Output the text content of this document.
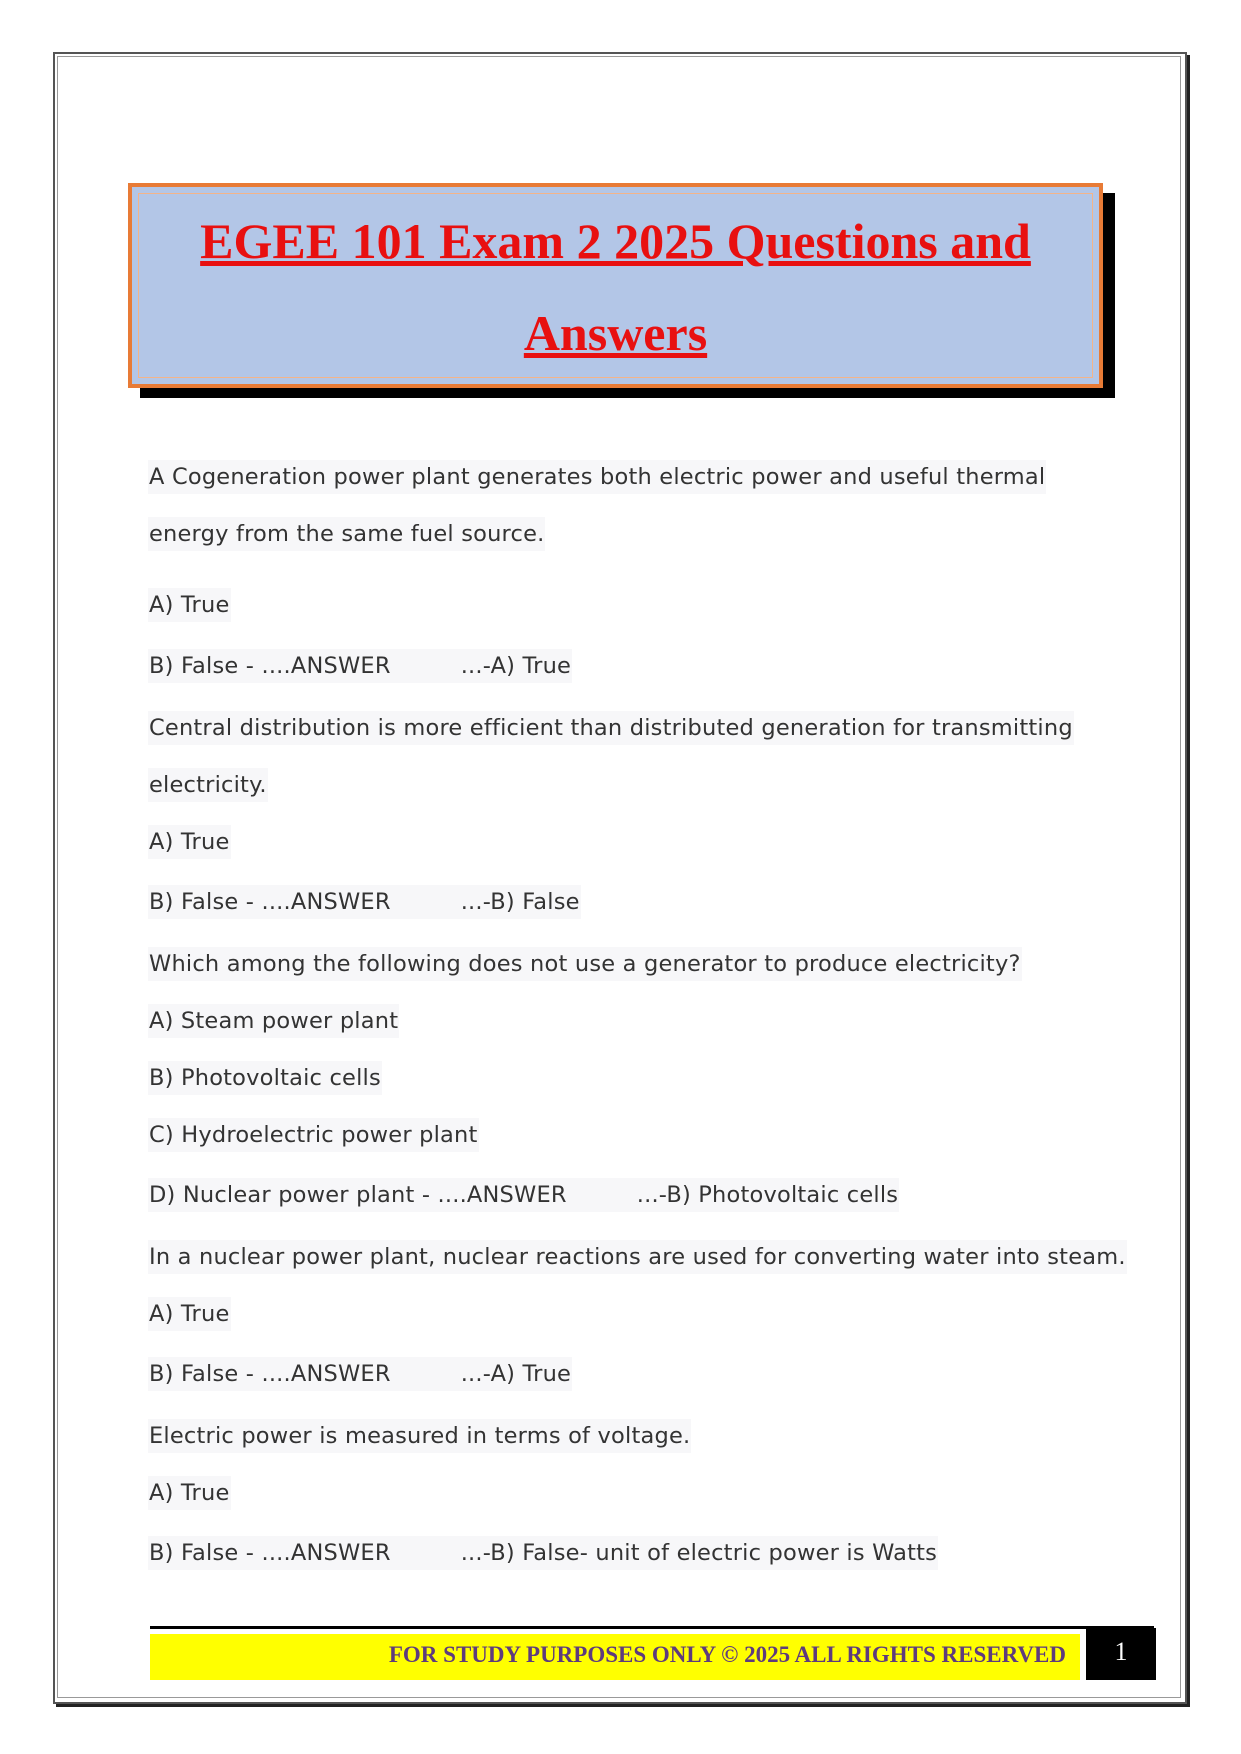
EGEE 101 Exam 2 2025 Questions and
Answers
A Cogeneration power plant generates both electric power and useful thermal
energy from the same fuel source.
A) True
B) False - ....ANSWER	...-A) True
Central distribution is more efficient than distributed generation for transmitting
electricity.
A) True
B) False - ....ANSWER	...-B) False
Which among the following does not use a generator to produce electricity?
A) Steam power plant
B) Photovoltaic cells
C) Hydroelectric power plant
D) Nuclear power plant - ....ANSWER	...-B) Photovoltaic cells
In a nuclear power plant, nuclear reactions are used for converting water into steam.
A) True
B) False - ....ANSWER	...-A) True
Electric power is measured in terms of voltage.
A) True
B) False - ....ANSWER	...-B) False- unit of electric power is Watts
FOR STUDY PURPOSES ONLY © 2025 ALL RIGHTS RESERVED	1
